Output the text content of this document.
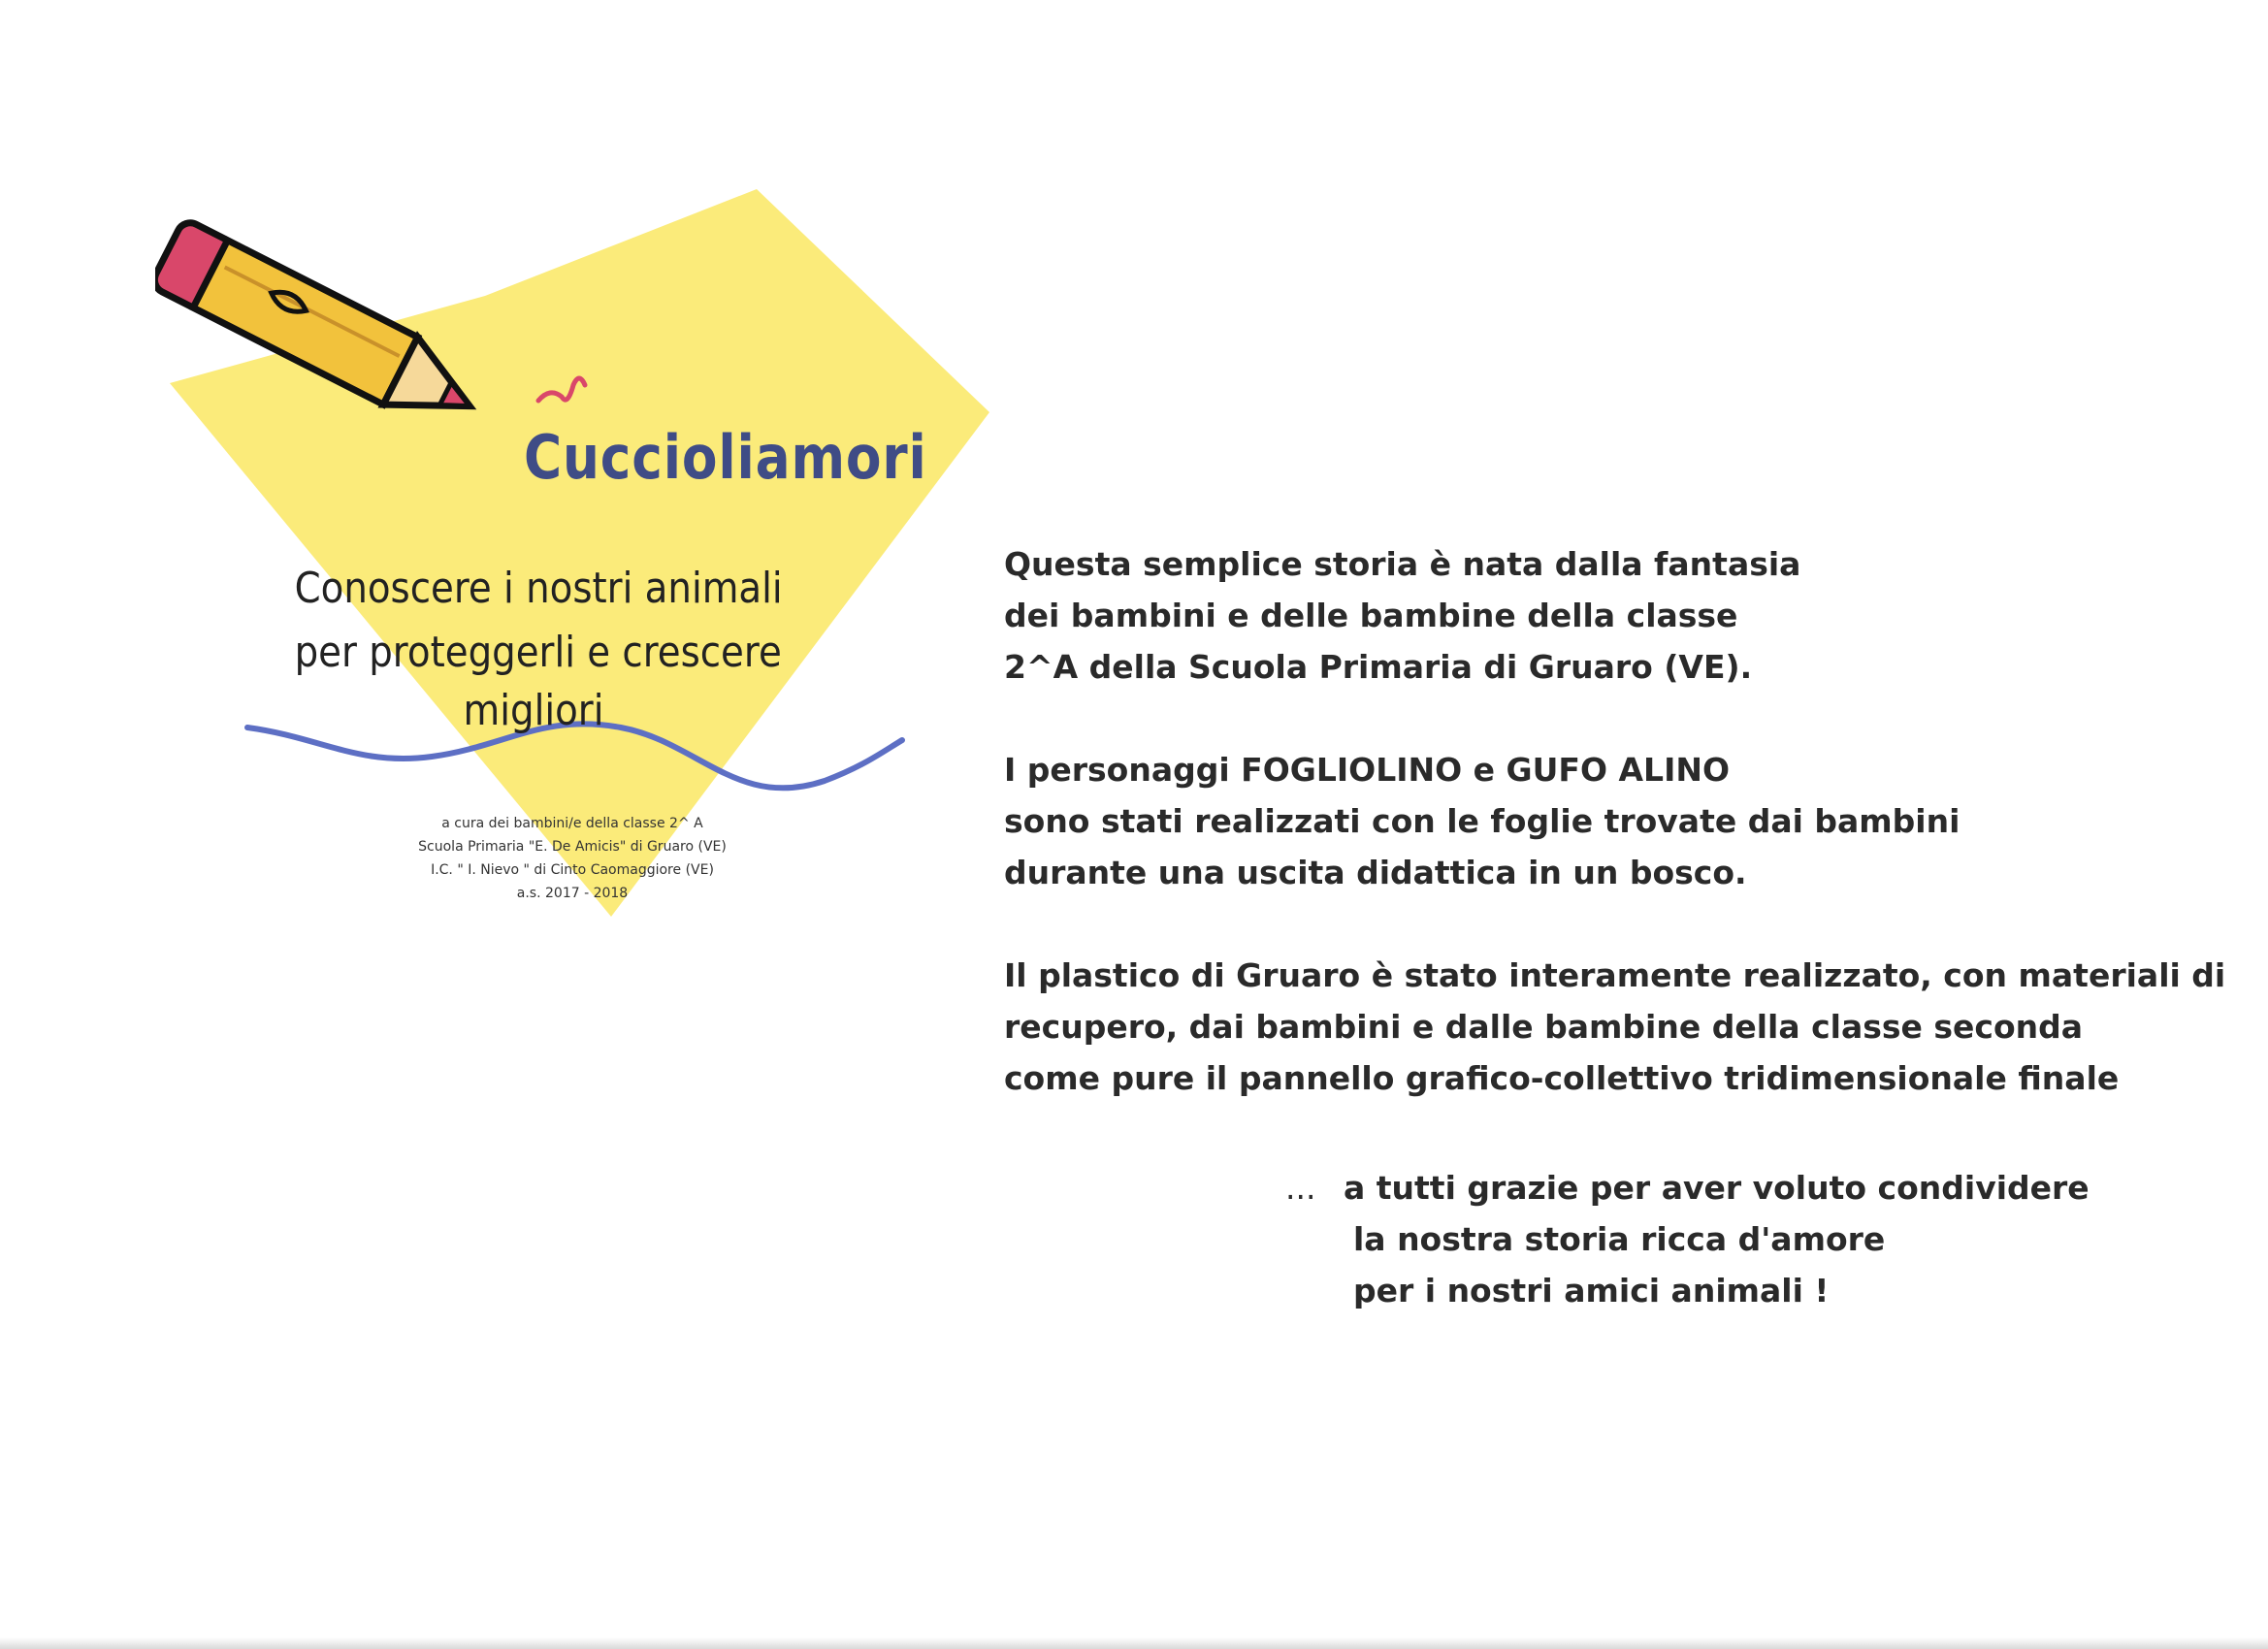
Cuccioliamori
Conoscere i nostri animali
per proteggerli e crescere
migliori
a cura dei bambini/e della classe 2^ A
Scuola Primaria "E. De Amicis" di Gruaro (VE)
I.C. " I. Nievo " di Cinto Caomaggiore (VE)
a.s. 2017 - 2018

Questa semplice storia è nata dalla fantasia
dei bambini e delle bambine della classe
2^A della Scuola Primaria di Gruaro (VE).

I personaggi FOGLIOLINO e GUFO ALINO
sono stati realizzati con le foglie trovate dai bambini
durante una uscita didattica in un bosco.

Il plastico di Gruaro è stato interamente realizzato, con materiali di
recupero, dai bambini e dalle bambine della classe seconda
come pure il pannello grafico-collettivo tridimensionale finale

... a tutti grazie per aver voluto condividere
la nostra storia ricca d'amore
per i nostri amici animali !
